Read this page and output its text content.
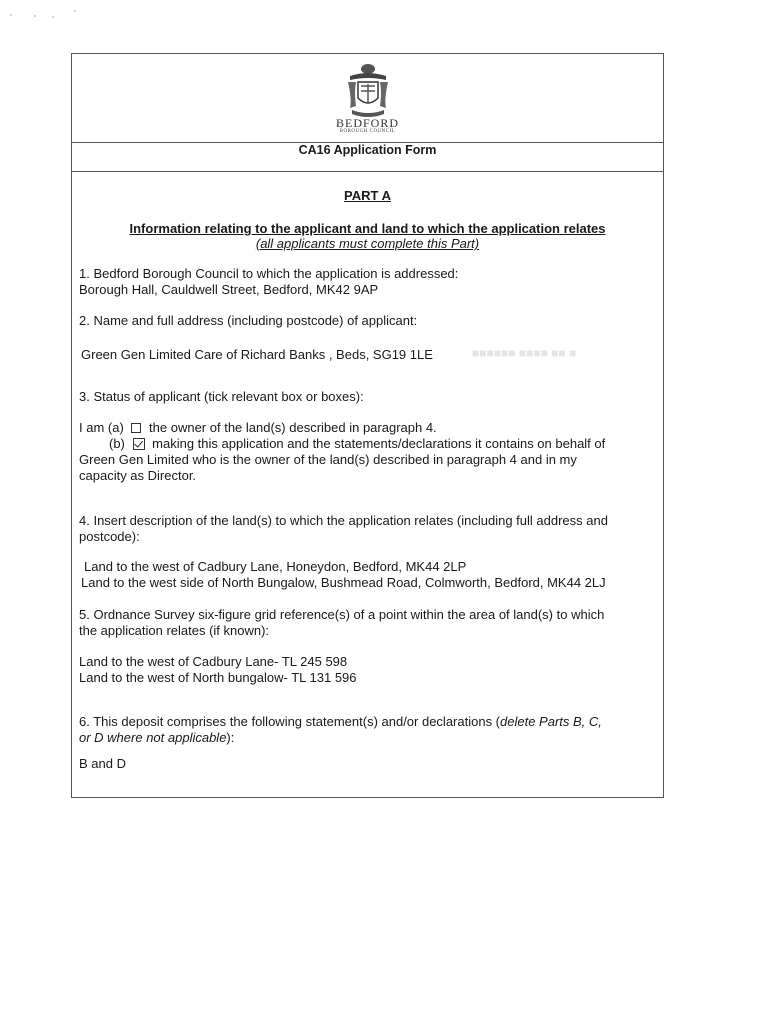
BEDFORD
BOROUGH COUNCIL
CA16 Application Form
PART A
Information relating to the applicant and land to which the application relates
(all applicants must complete this Part)
1. Bedford Borough Council to which the application is addressed:
Borough Hall, Cauldwell Street, Bedford, MK42 9AP
2. Name and full address (including postcode) of applicant:
Green Gen Limited Care of Richard Banks , Beds, SG19 1LE	■■■■■■ ■■■■ ■■ ■
3. Status of applicant (tick relevant box or boxes):
I am (a) the owner of the land(s) described in paragraph 4.
(b) making this application and the statements/declarations it contains on behalf of
Green Gen Limited who is the owner of the land(s) described in paragraph 4 and in my
capacity as Director.
4. Insert description of the land(s) to which the application relates (including full address and
postcode):
Land to the west of Cadbury Lane, Honeydon, Bedford, MK44 2LP
Land to the west side of North Bungalow, Bushmead Road, Colmworth, Bedford, MK44 2LJ
5. Ordnance Survey six-figure grid reference(s) of a point within the area of land(s) to which
the application relates (if known):
Land to the west of Cadbury Lane- TL 245 598
Land to the west of North bungalow- TL 131 596
6. This deposit comprises the following statement(s) and/or declarations (delete Parts B, C,
or D where not applicable):
B and D
